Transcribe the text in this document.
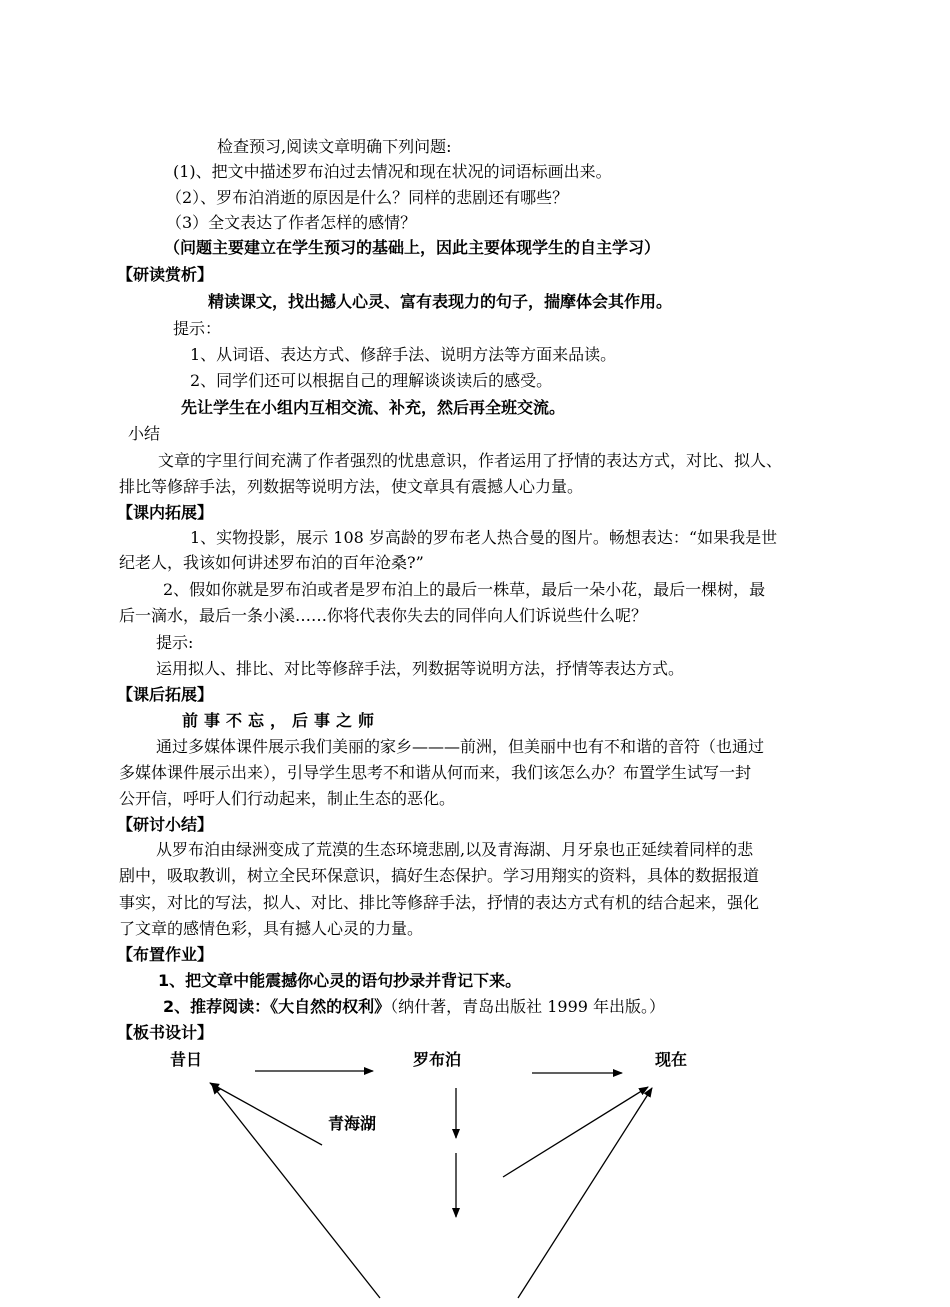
检查预习,阅读文章明确下列问题:
(1)、把文中描述罗布泊过去情况和现在状况的词语标画出来。
（2）、罗布泊消逝的原因是什么？同样的悲剧还有哪些？
（3）全文表达了作者怎样的感情？
（问题主要建立在学生预习的基础上，因此主要体现学生的自主学习）
【研读赏析】
精读课文，找出撼人心灵、富有表现力的句子，揣摩体会其作用。
提示：
1、从词语、表达方式、修辞手法、说明方法等方面来品读。
2、同学们还可以根据自己的理解谈谈读后的感受。
先让学生在小组内互相交流、补充，然后再全班交流。
小结
文章的字里行间充满了作者强烈的忧患意识，作者运用了抒情的表达方式，对比、拟人、
排比等修辞手法，列数据等说明方法，使文章具有震撼人心力量。
【课内拓展】
1、实物投影，展示 108 岁高龄的罗布老人热合曼的图片。畅想表达：“如果我是世
纪老人，我该如何讲述罗布泊的百年沧桑?”
2、假如你就是罗布泊或者是罗布泊上的最后一株草，最后一朵小花，最后一棵树，最
后一滴水，最后一条小溪……你将代表你失去的同伴向人们诉说些什么呢？
提示:
运用拟人、排比、对比等修辞手法，列数据等说明方法，抒情等表达方式。
【课后拓展】
前事不忘，后事之师
通过多媒体课件展示我们美丽的家乡———前洲，但美丽中也有不和谐的音符（也通过
多媒体课件展示出来），引导学生思考不和谐从何而来，我们该怎么办？布置学生试写一封
公开信，呼吁人们行动起来，制止生态的恶化。
【研讨小结】
从罗布泊由绿洲变成了荒漠的生态环境悲剧,以及青海湖、月牙泉也正延续着同样的悲
剧中，吸取教训，树立全民环保意识，搞好生态保护。学习用翔实的资料，具体的数据报道
事实，对比的写法，拟人、对比、排比等修辞手法，抒情的表达方式有机的结合起来，强化
了文章的感情色彩，具有撼人心灵的力量。
【布置作业】
1、把文章中能震撼你心灵的语句抄录并背记下来。
2、推荐阅读：《大自然的权利》（纳什著，青岛出版社 1999 年出版。）
【板书设计】
昔日	罗布泊	现在
青海湖
